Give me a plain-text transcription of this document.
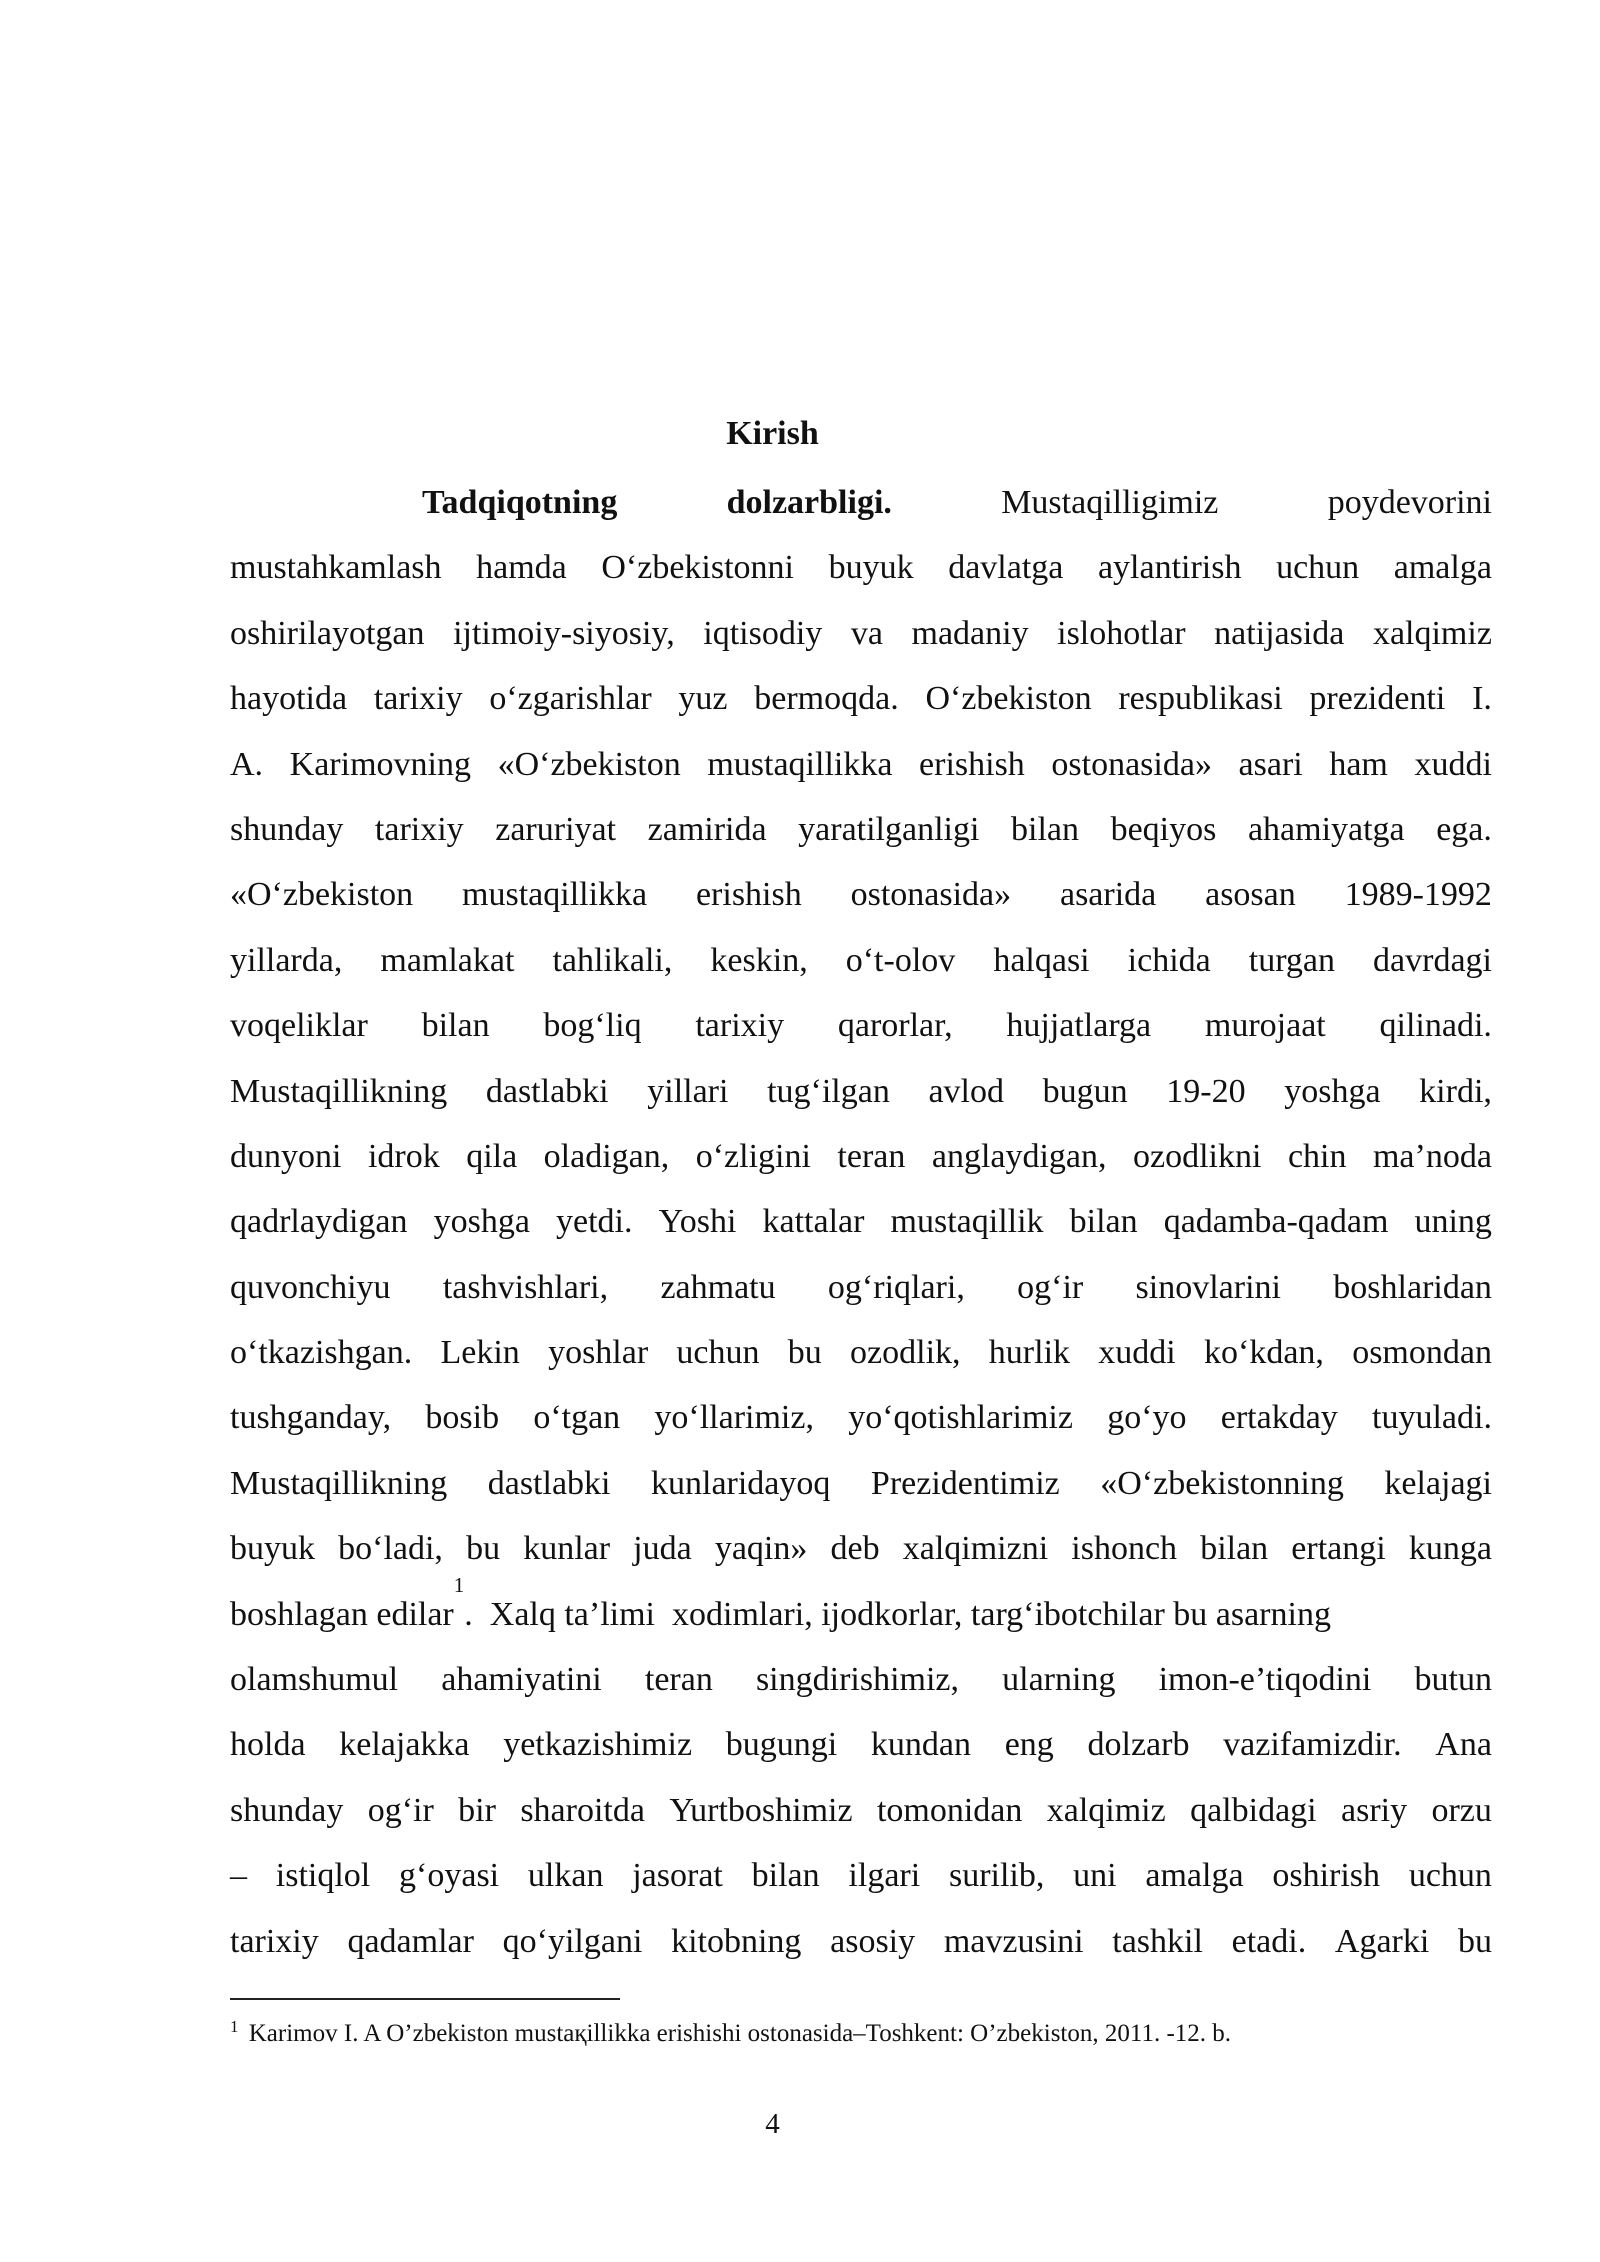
Kirish
Tadqiqotning	dolzarbligi.	Mustaqilligimiz	poydevorini
mustahkamlash hamda O‘zbekistonni buyuk davlatga aylantirish uchun amalga
oshirilayotgan ijtimoiy-siyosiy, iqtisodiy va madaniy islohotlar natijasida xalqimiz
hayotida tarixiy o‘zgarishlar yuz bermoqda. O‘zbekiston respublikasi prezidenti I.
A. Karimovning «O‘zbekiston mustaqillikka erishish ostonasida» asari ham xuddi
shunday tarixiy zaruriyat zamirida yaratilganligi bilan beqiyos ahamiyatga ega.
«O‘zbekiston mustaqillikka erishish ostonasida» asarida asosan 1989-1992
yillarda, mamlakat tahlikali, keskin, o‘t-olov halqasi ichida turgan davrdagi
voqeliklar bilan bog‘liq tarixiy qarorlar, hujjatlarga murojaat qilinadi.
Mustaqillikning dastlabki yillari tug‘ilgan avlod bugun 19-20 yoshga kirdi,
dunyoni idrok qila oladigan, o‘zligini teran anglaydigan, ozodlikni chin ma’noda
qadrlaydigan yoshga yetdi. Yoshi kattalar mustaqillik bilan qadamba-qadam uning
quvonchiyu tashvishlari, zahmatu og‘riqlari, og‘ir sinovlarini boshlaridan
o‘tkazishgan. Lekin yoshlar uchun bu ozodlik, hurlik xuddi ko‘kdan, osmondan
tushganday, bosib o‘tgan yo‘llarimiz, yo‘qotishlarimiz go‘yo ertakday tuyuladi.
Mustaqillikning dastlabki kunlaridayoq Prezidentimiz «O‘zbekistonning kelajagi
buyuk bo‘ladi, bu kunlar juda yaqin» deb xalqimizni ishonch bilan ertangi kunga
boshlagan edilar
1
.  Xalq ta’limi  xodimlari, ijodkorlar, targ‘ibotchilar bu asarning
olamshumul ahamiyatini teran singdirishimiz, ularning imon-e’tiqodini butun
holda kelajakka yetkazishimiz bugungi kundan eng dolzarb vazifamizdir. Ana
shunday og‘ir bir sharoitda Yurtboshimiz tomonidan xalqimiz qalbidagi asriy orzu
– istiqlol g‘oyasi ulkan jasorat bilan ilgari surilib, uni amalga oshirish uchun
tarixiy qadamlar qo‘yilgani kitobning asosiy mavzusini tashkil etadi. Agarki bu
$^1$ Karimov I. A O’zbekiston mustaқillikka erishishi ostonasida–Toshkent: O’zbekiston, 2011. -12. b.
4
